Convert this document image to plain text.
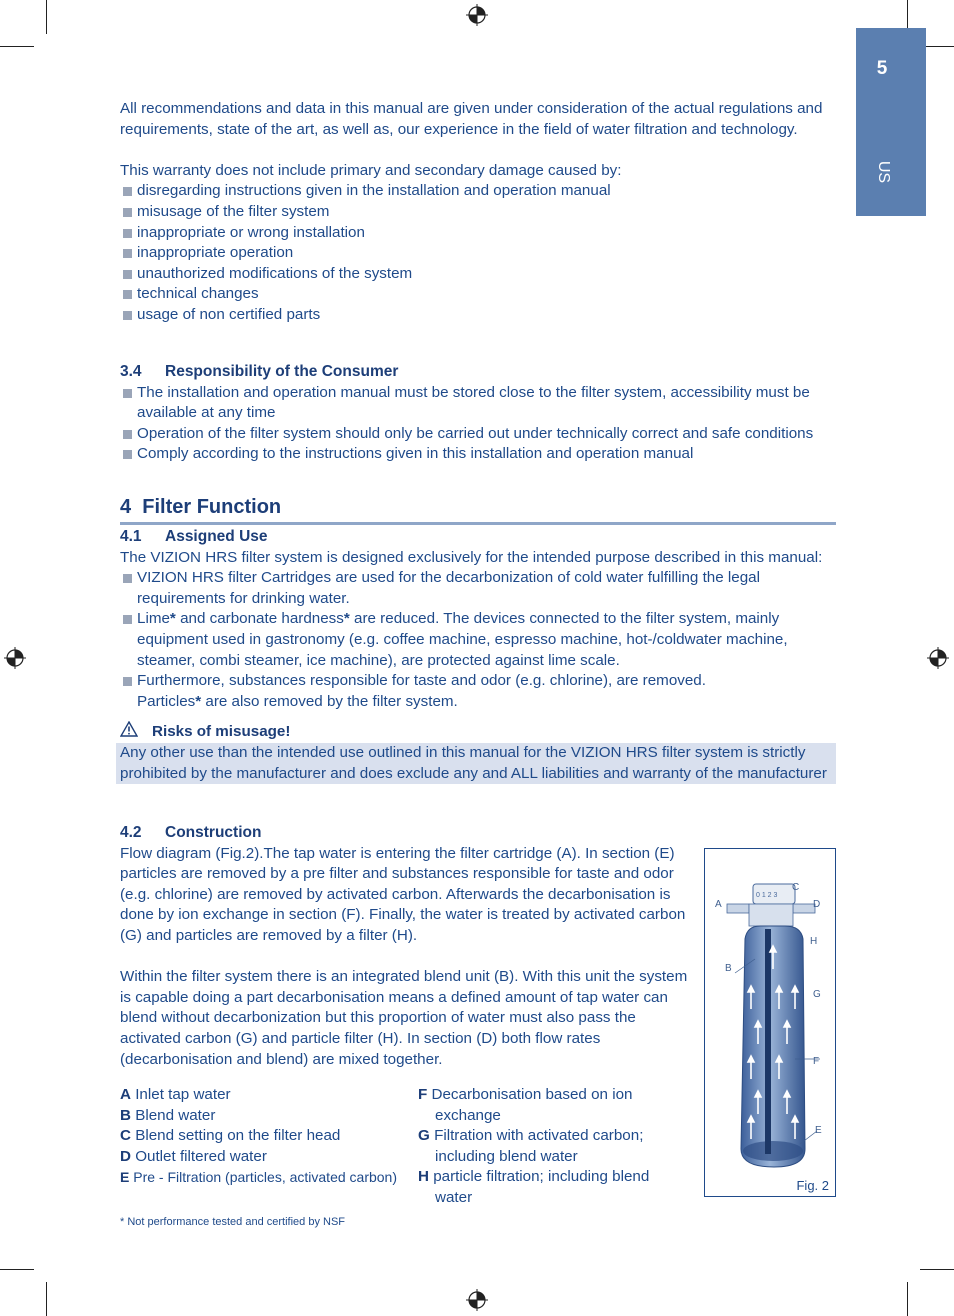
5
US

All recommendations and data in this manual are given under consideration of the actual regulations and requirements, state of the art, as well as, our experience in the field of water filtration and technology.

This warranty does not include primary and secondary damage caused by:

disregarding instructions given in the installation and operation manual
misusage of the filter system
inappropriate or wrong installation
inappropriate operation
unauthorized modifications of the system
technical changes
usage of non certified parts
3.4 Responsibility of the Consumer
The installation and operation manual must be stored close to the filter system, accessibility must be available at any time
Operation of the filter system should only be carried out under technically correct and safe conditions
Comply according to the instructions given in this installation and operation manual
4 Filter Function
4.1 Assigned Use

The VIZION HRS filter system is designed exclusively for the intended purpose described in this manual:

VIZION HRS filter Cartridges are used for the decarbonization of cold water fulfilling the legal requirements for drinking water.
Lime* and carbonate hardness* are reduced. The devices connected to the filter system, mainly equipment used in gastronomy (e.g. coffee machine, espresso machine, hot-/coldwater machine, steamer, combi steamer, ice machine), are protected against lime scale.
Furthermore, substances responsible for taste and odor (e.g. chlorine), are removed.
Particles* are also removed by the filter system.
Risks of misusage!
Any other use than the intended use outlined in this manual for the VIZION HRS filter system is strictly prohibited by the manufacturer and does exclude any and ALL liabilities and warranty of the manufacturer
4.2 Construction

Flow diagram (Fig.2).The tap water is entering the filter cartridge (A). In section (E) particles are removed by a pre filter and substances responsible for taste and odor (e.g. chlorine) are removed by activated carbon. Afterwards the decarbonisation is done by ion exchange in section (F). Finally, the water is treated by activated carbon (G) and particles are removed by a filter (H).

Within the filter system there is an integrated blend unit (B). With this unit the system is capable doing a part decarbonisation means a defined amount of tap water can blend without decarbonization but this proportion of water must also pass the activated carbon (G) and particle filter (H). In section (D) both flow rates (decarbonisation and blend) are mixed together.

A Inlet tap water
B Blend water
C Blend setting on the filter head
D Outlet filtered water
E Pre - Filtration (particles, activated carbon)
F Decarbonisation based on ion
exchange
G Filtration with activated carbon;
including blend water
H particle filtration; including blend
water
0 1 2 3
A
B
C
D
E
F
G
H
Fig. 2
* Not performance tested and certified by NSF
